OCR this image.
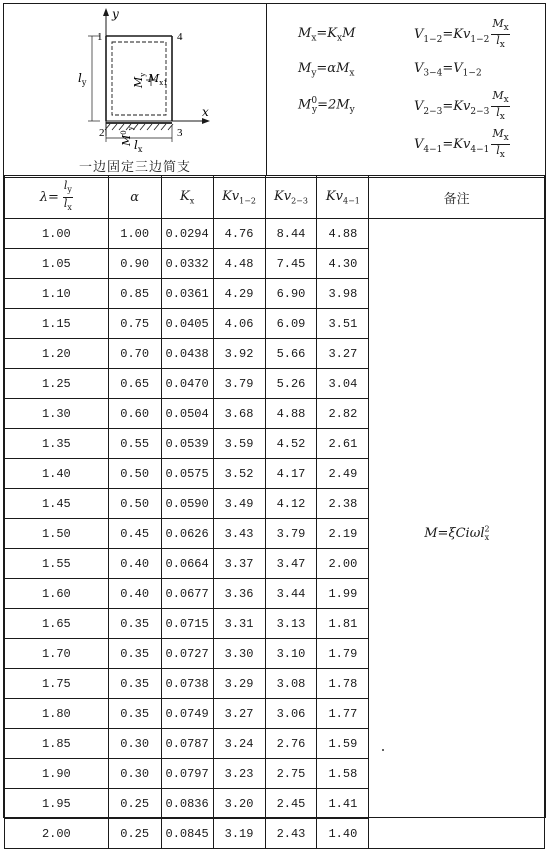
y
x
1	4
2	3
$l_y$
$l_x$
$M_{x1}$
$M_y$
$M^0_y$
一边固定三边简支
$M_x=K_xM$
$M_y=\alpha M_x$
$M^0_y=2M_y$
$V_{1-2}=Kv_{1-2} \frac{M_x}{l_x}$
$V_{3-4}=V_{1-2}$
$V_{2-3}=Kv_{2-3} \frac{M_x}{l_x}$
$V_{4-1}=Kv_{4-1} \frac{M_x}{l_x}$
$\lambda= \frac{l_y}{l_x}$	α	$K_x$	$Kv_{1-2}$	$Kv_{2-3}$	$Kv_{4-1}$	备注
1.00	1.00	0.0294	4.76	8.44	4.88	M=ξCiωl$^2_x$
1.05	0.90	0.0332	4.48	7.45	4.30	
1.10	0.85	0.0361	4.29	6.90	3.98	
1.15	0.75	0.0405	4.06	6.09	3.51	
1.20	0.70	0.0438	3.92	5.66	3.27	
1.25	0.65	0.0470	3.79	5.26	3.04	
1.30	0.60	0.0504	3.68	4.88	2.82	
1.35	0.55	0.0539	3.59	4.52	2.61	
1.40	0.50	0.0575	3.52	4.17	2.49	
1.45	0.50	0.0590	3.49	4.12	2.38	
1.50	0.45	0.0626	3.43	3.79	2.19	
1.55	0.40	0.0664	3.37	3.47	2.00	
1.60	0.40	0.0677	3.36	3.44	1.99	
1.65	0.35	0.0715	3.31	3.13	1.81	
1.70	0.35	0.0727	3.30	3.10	1.79	
1.75	0.35	0.0738	3.29	3.08	1.78	
1.80	0.35	0.0749	3.27	3.06	1.77	
1.85	0.30	0.0787	3.24	2.76	1.59	
1.90	0.30	0.0797	3.23	2.75	1.58	
1.95	0.25	0.0836	3.20	2.45	1.41	
2.00	0.25	0.0845	3.19	2.43	1.40	
